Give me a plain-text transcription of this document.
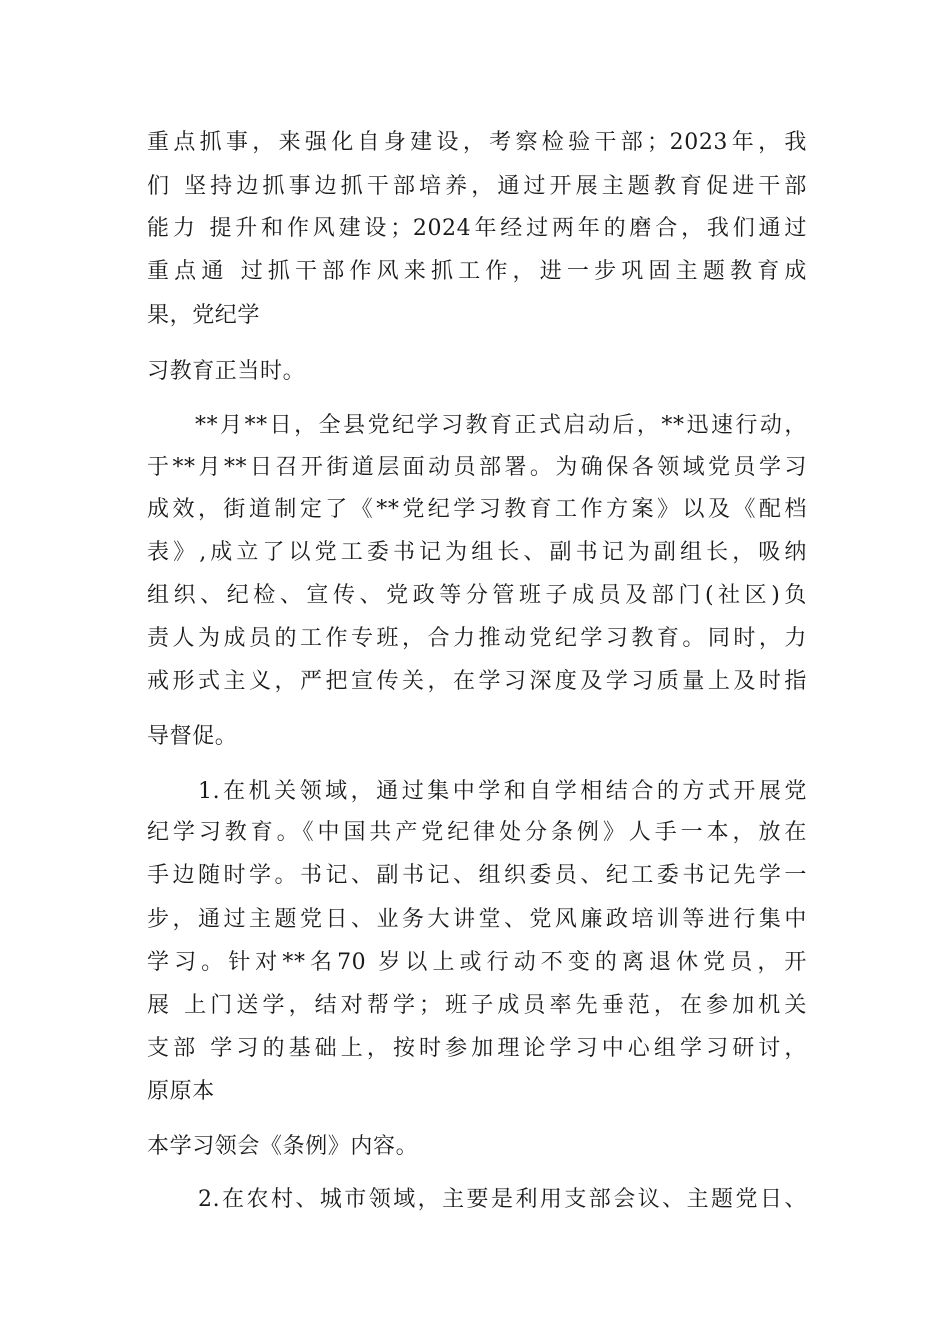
重点抓事，来强化自身建设，考察检验干部；2023年，我
们 坚持边抓事边抓干部培养，通过开展主题教育促进干部
能力 提升和作风建设；2024年经过两年的磨合，我们通过
重点通 过抓干部作风来抓工作，进一步巩固主题教育成
果，党纪学
习教育正当时。
**月**日，全县党纪学习教育正式启动后，**迅速行动，
于**月**日召开街道层面动员部署。为确保各领域党员学习
成效，街道制定了《**党纪学习教育工作方案》以及《配档
表》,成立了以党工委书记为组长、副书记为副组长，吸纳
组织、纪检、宣传、党政等分管班子成员及部门(社区)负
责人为成员的工作专班，合力推动党纪学习教育。同时，力
戒形式主义，严把宣传关，在学习深度及学习质量上及时指
导督促。
1.在机关领域，通过集中学和自学相结合的方式开展党
纪学习教育。《中国共产党纪律处分条例》人手一本，放在
手边随时学。书记、副书记、组织委员、纪工委书记先学一
步，通过主题党日、业务大讲堂、党风廉政培训等进行集中
学习。针对**名70 岁以上或行动不变的离退休党员，开
展 上门送学，结对帮学；班子成员率先垂范，在参加机关
支部 学习的基础上，按时参加理论学习中心组学习研讨，
原原本
本学习领会《条例》内容。
2.在农村、城市领域，主要是利用支部会议、主题党日、
